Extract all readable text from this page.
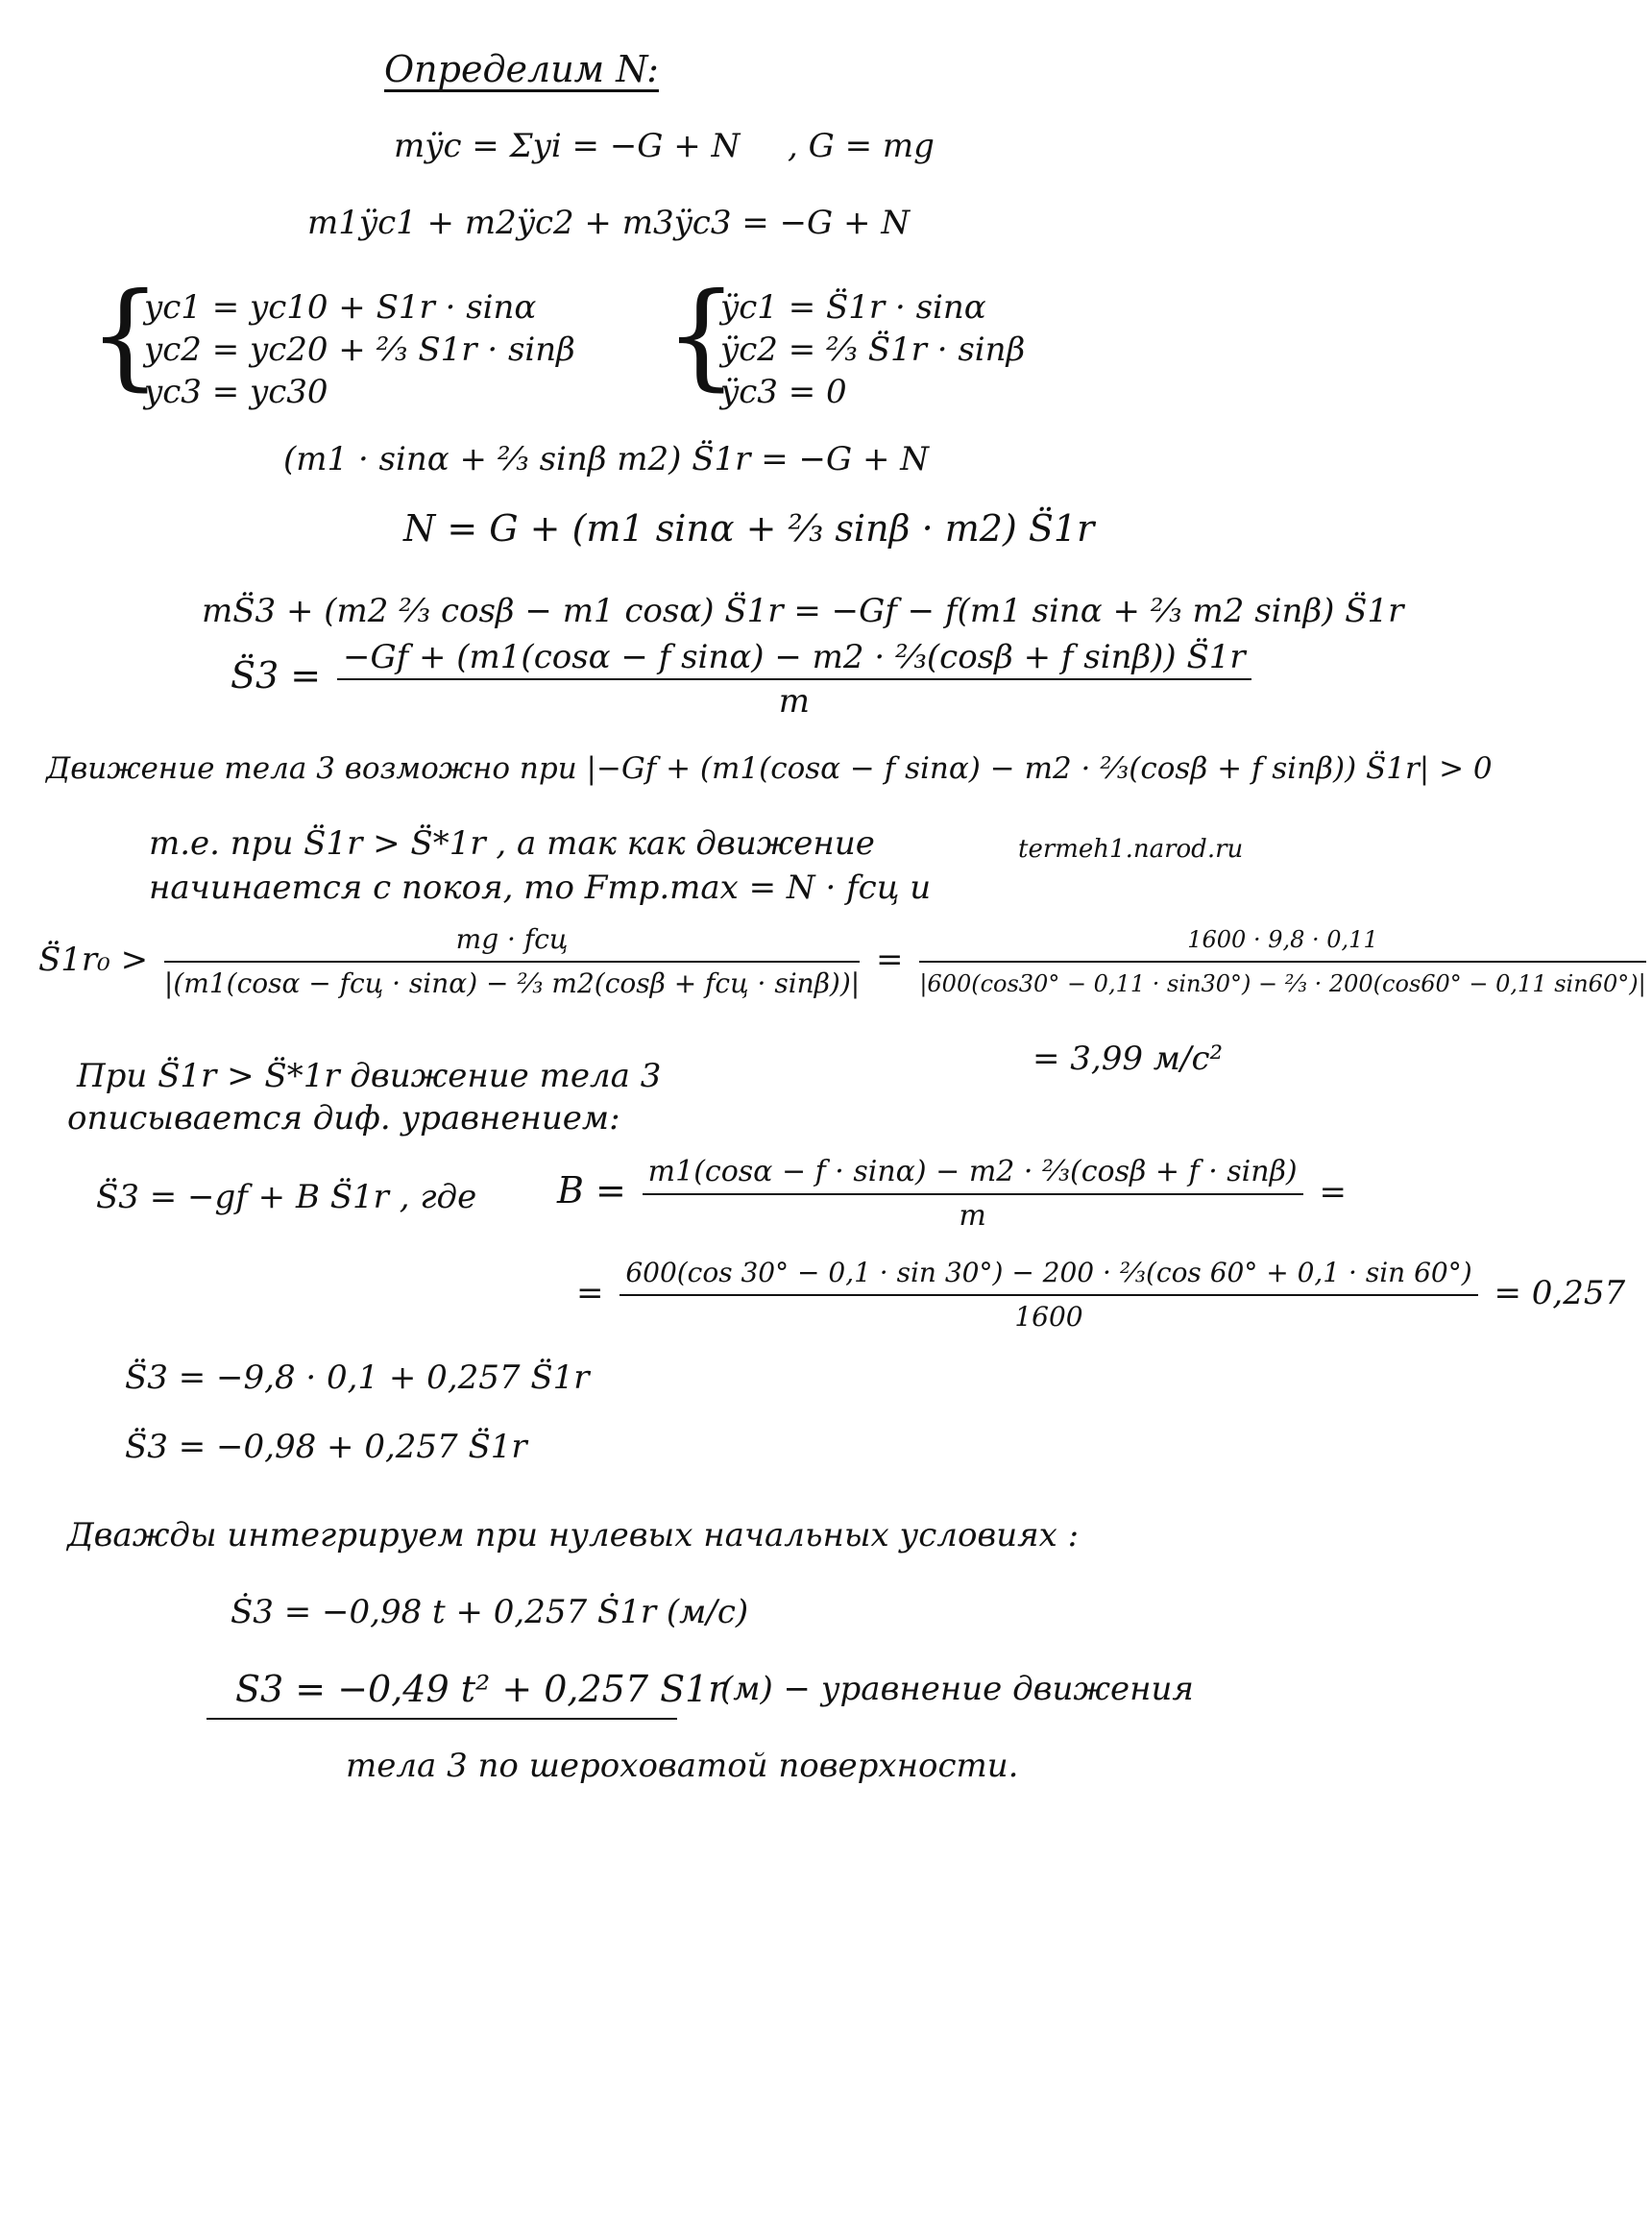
Определим N:
mÿc = Σyi = −G + N , G = mg
m1ÿc1 + m2ÿc2 + m3ÿc3 = −G + N
{
yc1 = yc10 + S1r · sinα
yc2 = yc20 + ⅔ S1r · sinβ
yc3 = yc30	{
ÿc1 = S̈1r · sinα
ÿc2 = ⅔ S̈1r · sinβ
ÿc3 = 0
(m1 · sinα + ⅔ sinβ m2) S̈1r = −G + N
N = G + (m1 sinα + ⅔ sinβ · m2) S̈1r
mS̈3 + (m2 ⅔ cosβ − m1 cosα) S̈1r = −Gf − f(m1 sinα + ⅔ m2 sinβ) S̈1r
S̈3 = $\frac{\text{−Gf + (m1(cosα − f sinα) − m2 · ⅔(cosβ + f sinβ)) S̈1r}}{m}$
Движение тела 3 возможно при |−Gf + (m1(cosα − f sinα) − m2 · ⅔(cosβ + f sinβ)) S̈1r| > 0
т.е. при S̈1r > S̈*1r , а так как движение	termeh1.narod.ru
начинается с покоя, то Fтр.max = N · fсц и
S̈1r₀ > $\frac{\text{mg · fсц}}{\text{|(m1(cosα − fсц · sinα) − ⅔ m2(cosβ + fсц · sinβ))|}}$ =
1600 · 9,8 · 0,11
|600(cos30° − 0,11 · sin30°) − ⅔ · 200(cos60° − 0,11 sin60°)|
= 3,99 м/с²
При S̈1r > S̈*1r движение тела 3
описывается диф. уравнением:
S̈3 = −gf + B S̈1r , где $B = \frac{\text{m1(cosα − f · sinα) − m2 · ⅔(cosβ + f · sinβ)}}{m}$ =
=
600(cos 30° − 0,1 · sin 30°) − 200 · ⅔(cos 60° + 0,1 · sin 60°)
1600
= 0,257
S̈3 = −9,8 · 0,1 + 0,257 S̈1r
S̈3 = −0,98 + 0,257 S̈1r
Дважды интегрируем при нулевых начальных условиях :
Ṡ3 = −0,98 t + 0,257 Ṡ1r (м/с)
S3 = −0,49 t² + 0,257 S1r
(м) − уравнение движения
тела 3 по шероховатой поверхности.
